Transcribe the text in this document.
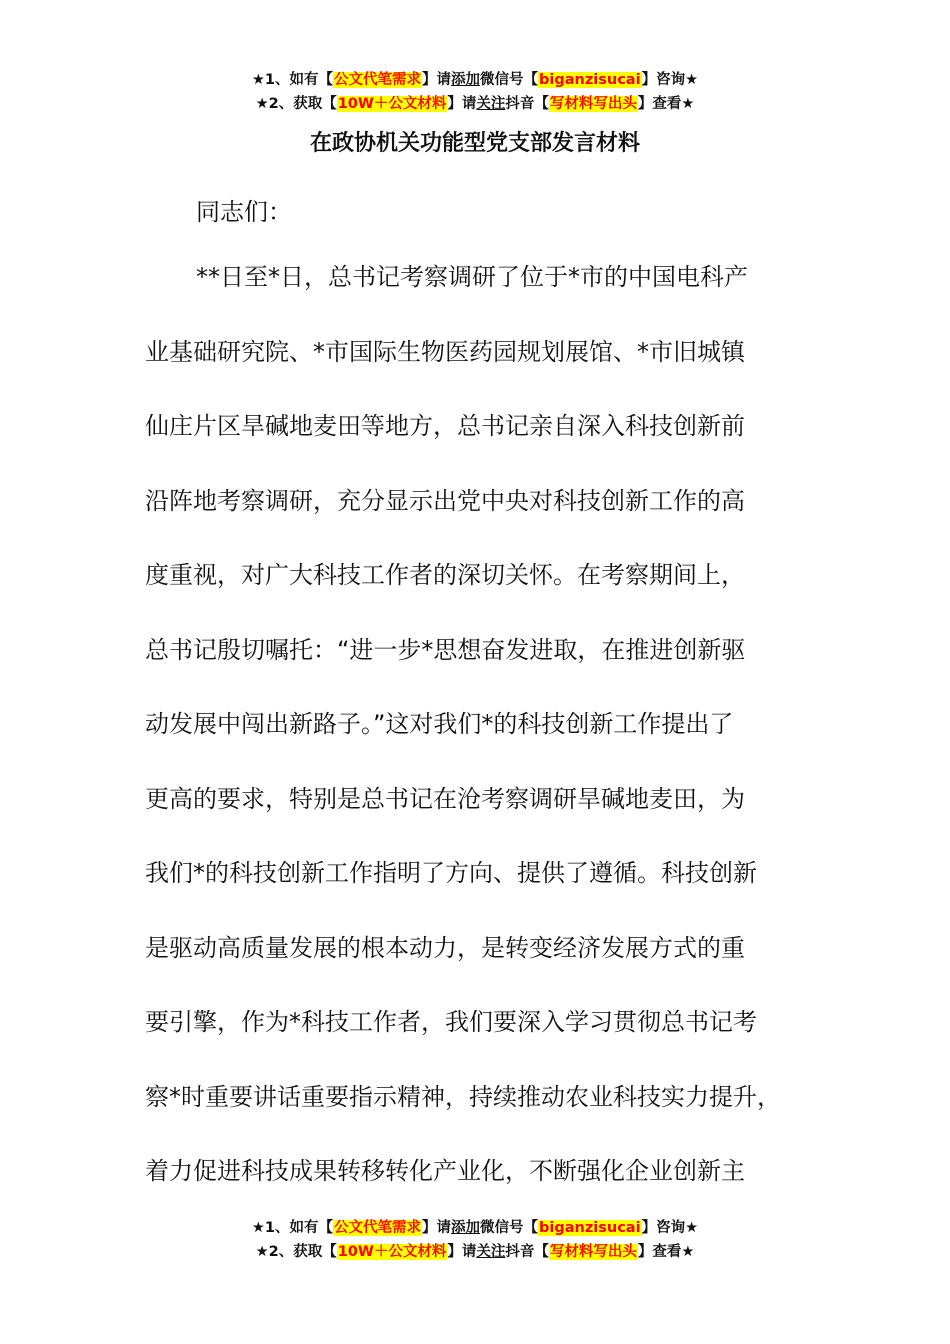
★1、如有【公文代笔需求】请添加微信号【biganzisucai】咨询★
★2、获取【10W＋公文材料】请关注抖音【写材料写出头】查看★
在政协机关功能型党支部发言材料
同志们：
**日至*日，总书记考察调研了位于*市的中国电科产
业基础研究院、*市国际生物医药园规划展馆、*市旧城镇
仙庄片区旱碱地麦田等地方，总书记亲自深入科技创新前
沿阵地考察调研，充分显示出党中央对科技创新工作的高
度重视，对广大科技工作者的深切关怀。在考察期间上，
总书记殷切嘱托：“进一步*思想奋发进取，在推进创新驱
动发展中闯出新路子。”这对我们*的科技创新工作提出了
更高的要求，特别是总书记在沧考察调研旱碱地麦田，为
我们*的科技创新工作指明了方向、提供了遵循。科技创新
是驱动高质量发展的根本动力，是转变经济发展方式的重
要引擎，作为*科技工作者，我们要深入学习贯彻总书记考
察*时重要讲话重要指示精神，持续推动农业科技实力提升，
着力促进科技成果转移转化产业化，不断强化企业创新主
★1、如有【公文代笔需求】请添加微信号【biganzisucai】咨询★
★2、获取【10W＋公文材料】请关注抖音【写材料写出头】查看★
